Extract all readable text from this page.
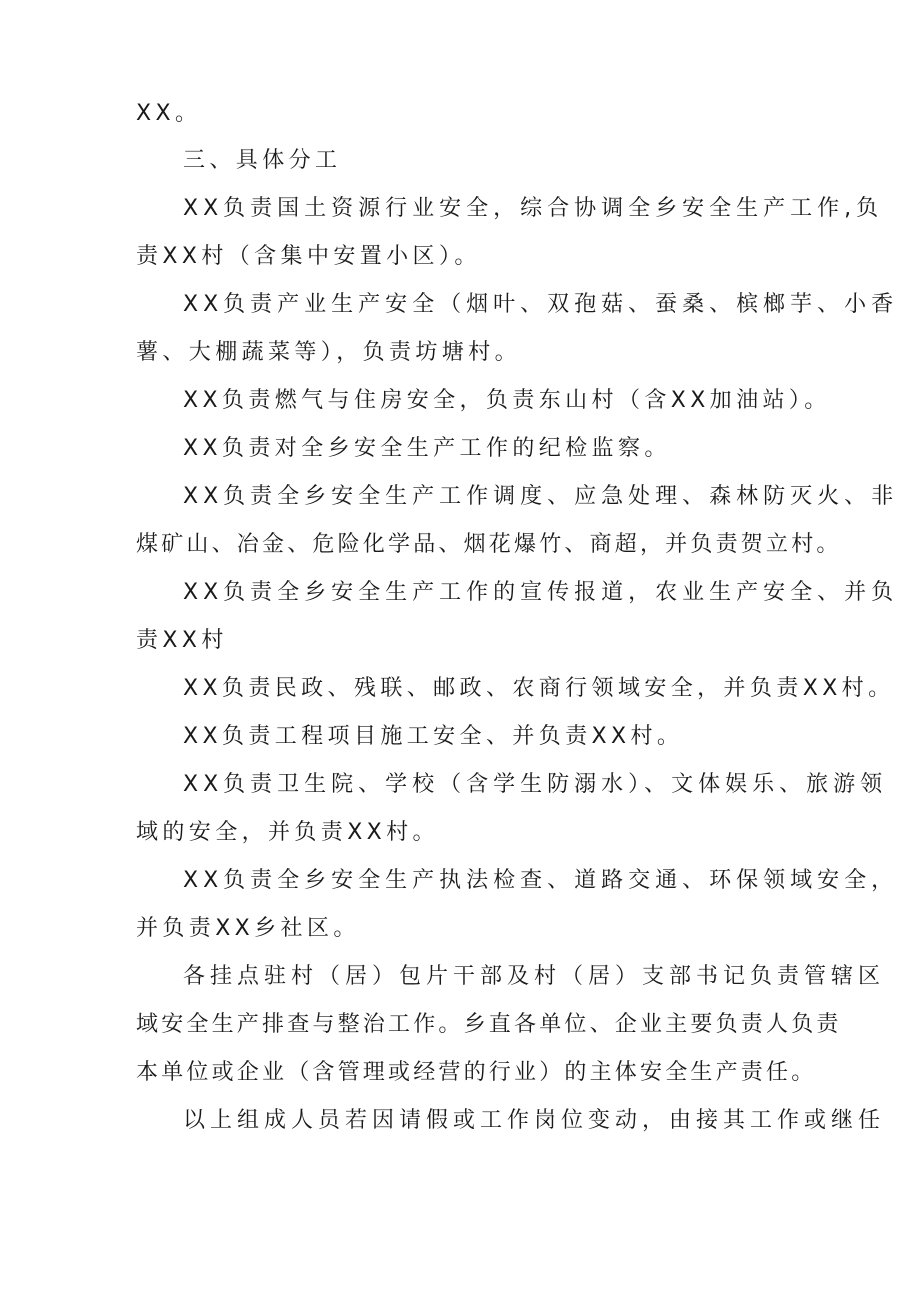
XX。
三、具体分工
XX负责国土资源行业安全，综合协调全乡安全生产工作,负
责XX村（含集中安置小区）。
XX负责产业生产安全（烟叶、双孢菇、蚕桑、槟榔芋、小香
薯、大棚蔬菜等），负责坊塘村。
XX负责燃气与住房安全，负责东山村（含XX加油站）。
XX负责对全乡安全生产工作的纪检监察。
XX负责全乡安全生产工作调度、应急处理、森林防灭火、非
煤矿山、冶金、危险化学品、烟花爆竹、商超，并负责贺立村。
XX负责全乡安全生产工作的宣传报道，农业生产安全、并负
责XX村
XX负责民政、残联、邮政、农商行领域安全，并负责XX村。
XX负责工程项目施工安全、并负责XX村。
XX负责卫生院、学校（含学生防溺水）、文体娱乐、旅游领
域的安全，并负责XX村。
XX负责全乡安全生产执法检查、道路交通、环保领域安全，
并负责XX乡社区。
各挂点驻村（居）包片干部及村（居）支部书记负责管辖区
域安全生产排查与整治工作。乡直各单位、企业主要负责人负责
本单位或企业（含管理或经营的行业）的主体安全生产责任。
以上组成人员若因请假或工作岗位变动，由接其工作或继任
